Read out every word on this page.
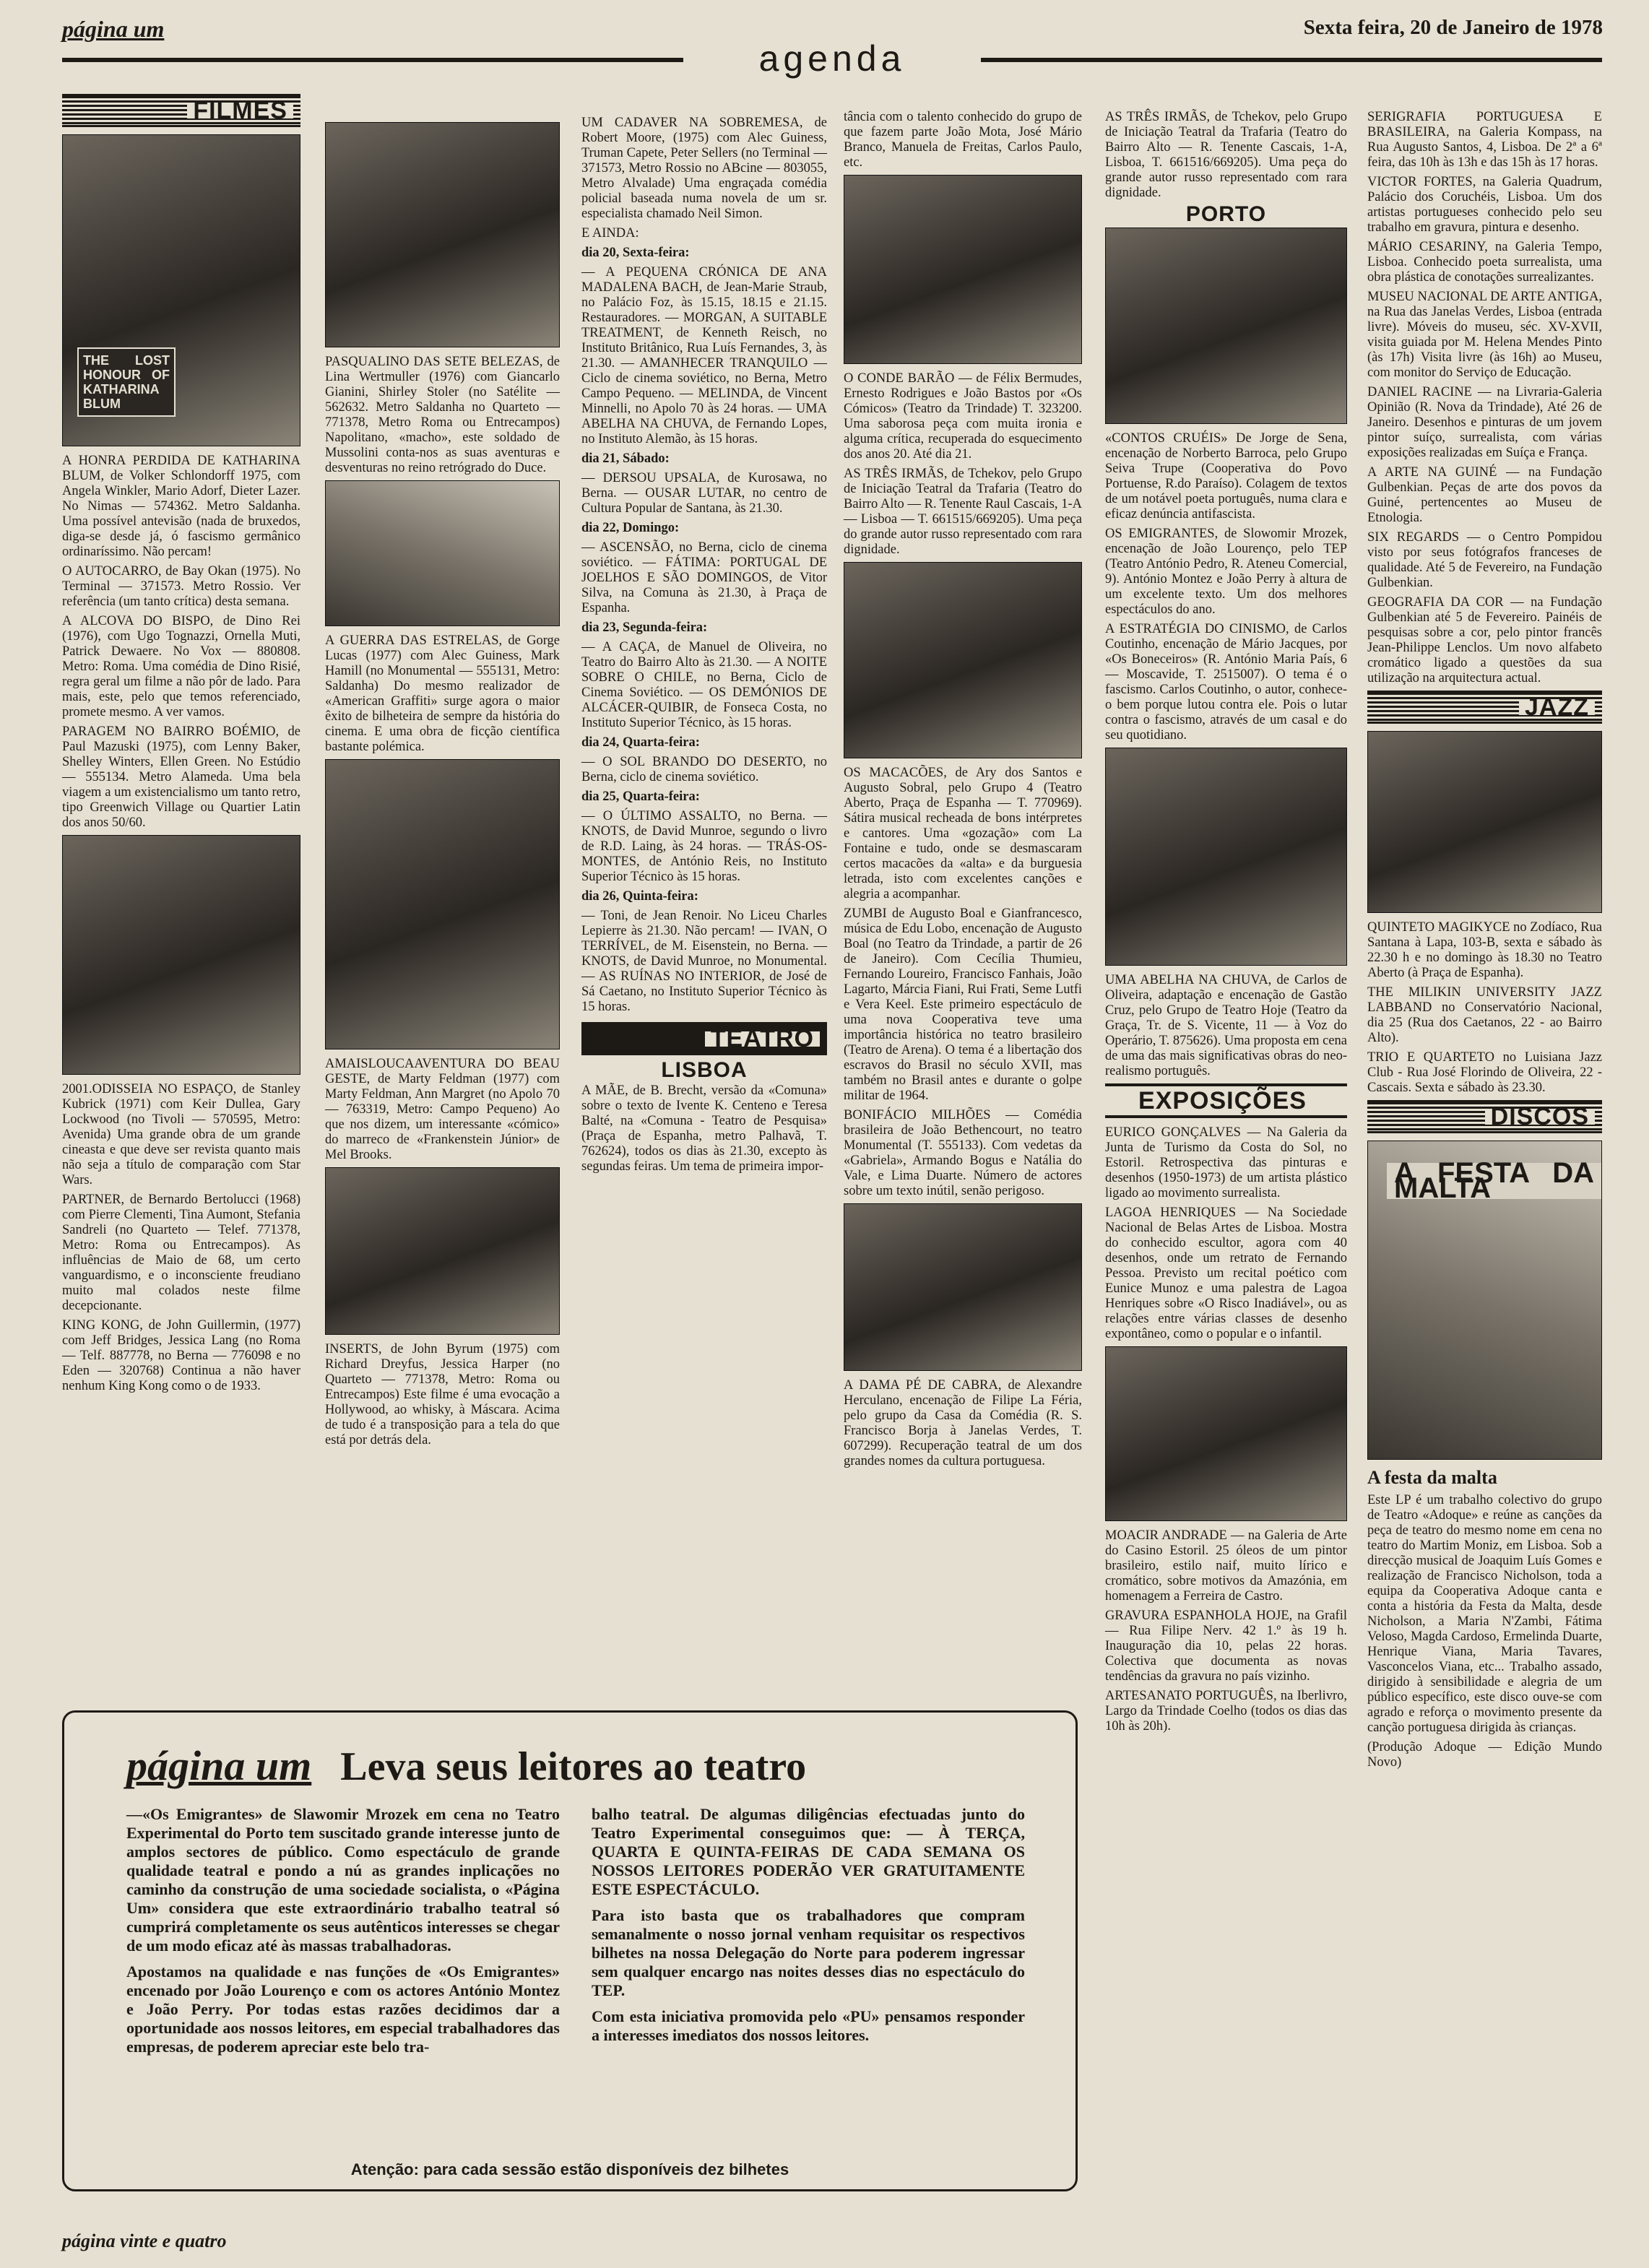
página um	Sexta feira, 20 de Janeiro de 1978
agenda
FILMES
THE LOST HONOUR OF KATHARINA BLUM

A HONRA PERDIDA DE KATHARINA BLUM, de Volker Schlondorff 1975, com Angela Winkler, Mario Adorf, Dieter Lazer. No Nimas — 574362. Metro Saldanha. Uma possível antevisão (nada de bruxedos, diga-se desde já, ó fascismo germânico ordinaríssimo. Não percam!

O AUTOCARRO, de Bay Okan (1975). No Terminal — 371573. Metro Rossio. Ver referência (um tanto crítica) desta semana.

A ALCOVA DO BISPO, de Dino Rei (1976), com Ugo Tognazzi, Ornella Muti, Patrick Dewaere. No Vox — 880808. Metro: Roma. Uma comédia de Dino Risié, regra geral um filme a não pôr de lado. Para mais, este, pelo que temos referenciado, promete mesmo. A ver vamos.

PARAGEM NO BAIRRO BOÉMIO, de Paul Mazuski (1975), com Lenny Baker, Shelley Winters, Ellen Green. No Estúdio — 555134. Metro Alameda. Uma bela viagem a um existencialismo um tanto retro, tipo Greenwich Village ou Quartier Latin dos anos 50/60.

2001.ODISSEIA NO ESPAÇO, de Stanley Kubrick (1971) com Keir Dullea, Gary Lockwood (no Tivoli — 570595, Metro: Avenida) Uma grande obra de um grande cineasta e que deve ser revista quanto mais não seja a título de comparação com Star Wars.

PARTNER, de Bernardo Bertolucci (1968) com Pierre Clementi, Tina Aumont, Stefania Sandreli (no Quarteto — Telef. 771378, Metro: Roma ou Entrecampos). As influências de Maio de 68, um certo vanguardismo, e o inconsciente freudiano muito mal colados neste filme decepcionante.

KING KONG, de John Guillermin, (1977) com Jeff Bridges, Jessica Lang (no Roma — Telf. 887778, no Berna — 776098 e no Eden — 320768) Continua a não haver nenhum King Kong como o de 1933.

PASQUALINO DAS SETE BELEZAS, de Lina Wertmuller (1976) com Giancarlo Gianini, Shirley Stoler (no Satélite — 562632. Metro Saldanha no Quarteto — 771378, Metro Roma ou Entrecampos) Napolitano, «macho», este soldado de Mussolini conta-nos as suas aventuras e desventuras no reino retrógrado do Duce.

A GUERRA DAS ESTRELAS, de Gorge Lucas (1977) com Alec Guiness, Mark Hamill (no Monumental — 555131, Metro: Saldanha) Do mesmo realizador de «American Graffiti» surge agora o maior êxito de bilheteira de sempre da história do cinema. E uma obra de ficção científica bastante polémica.

AMAISLOUCAAVENTURA DO BEAU GESTE, de Marty Feldman (1977) com Marty Feldman, Ann Margret (no Apolo 70 — 763319, Metro: Campo Pequeno) Ao que nos dizem, um interessante «cómico» do marreco de «Frankenstein Júnior» de Mel Brooks.

INSERTS, de John Byrum (1975) com Richard Dreyfus, Jessica Harper (no Quarteto — 771378, Metro: Roma ou Entrecampos) Este filme é uma evocação a Hollywood, ao whisky, à Máscara. Acima de tudo é a transposição para a tela do que está por detrás dela.

UM CADAVER NA SOBREMESA, de Robert Moore, (1975) com Alec Guiness, Truman Capete, Peter Sellers (no Terminal — 371573, Metro Rossio no ABcine — 803055, Metro Alvalade) Uma engraçada comédia policial baseada numa novela de um sr. especialista chamado Neil Simon.

E AINDA:

dia 20, Sexta-feira:

— A PEQUENA CRÓNICA DE ANA MADALENA BACH, de Jean-Marie Straub, no Palácio Foz, às 15.15, 18.15 e 21.15. Restauradores. — MORGAN, A SUITABLE TREATMENT, de Kenneth Reisch, no Instituto Britânico, Rua Luís Fernandes, 3, às 21.30. — AMANHECER TRANQUILO — Ciclo de cinema soviético, no Berna, Metro Campo Pequeno. — MELINDA, de Vincent Minnelli, no Apolo 70 às 24 horas. — UMA ABELHA NA CHUVA, de Fernando Lopes, no Instituto Alemão, às 15 horas.

dia 21, Sábado:

— DERSOU UPSALA, de Kurosawa, no Berna. — OUSAR LUTAR, no centro de Cultura Popular de Santana, às 21.30.

dia 22, Domingo:

— ASCENSÃO, no Berna, ciclo de cinema soviético. — FÁTIMA: PORTUGAL DE JOELHOS E SÃO DOMINGOS, de Vitor Silva, na Comuna às 21.30, à Praça de Espanha.

dia 23, Segunda-feira:

— A CAÇA, de Manuel de Oliveira, no Teatro do Bairro Alto às 21.30. — A NOITE SOBRE O CHILE, no Berna, Ciclo de Cinema Soviético. — OS DEMÓNIOS DE ALCÁCER-QUIBIR, de Fonseca Costa, no Instituto Superior Técnico, às 15 horas.

dia 24, Quarta-feira:

— O SOL BRANDO DO DESERTO, no Berna, ciclo de cinema soviético.

dia 25, Quarta-feira:

— O ÚLTIMO ASSALTO, no Berna. — KNOTS, de David Munroe, segundo o livro de R.D. Laing, às 24 horas. — TRÁS-OS-MONTES, de António Reis, no Instituto Superior Técnico às 15 horas.

dia 26, Quinta-feira:

— Toni, de Jean Renoir. No Liceu Charles Lepierre às 21.30. Não percam! — IVAN, O TERRÍVEL, de M. Eisenstein, no Berna. — KNOTS, de David Munroe, no Monumental. — AS RUÍNAS NO INTERIOR, de José de Sá Caetano, no Instituto Superior Técnico às 15 horas.

TEATRO
LISBOA

A MÃE, de B. Brecht, versão da «Comuna» sobre o texto de Ivente K. Centeno e Teresa Balté, na «Comuna - Teatro de Pesquisa» (Praça de Espanha, metro Palhavã, T. 762624), todos os dias às 21.30, excepto às segundas feiras. Um tema de primeira impor-

tância com o talento conhecido do grupo de que fazem parte João Mota, José Mário Branco, Manuela de Freitas, Carlos Paulo, etc.

O CONDE BARÃO — de Félix Bermudes, Ernesto Rodrigues e João Bastos por «Os Cómicos» (Teatro da Trindade) T. 323200. Uma saborosa peça com muita ironia e alguma crítica, recuperada do esquecimento dos anos 20. Até dia 21.

AS TRÊS IRMÃS, de Tchekov, pelo Grupo de Iniciação Teatral da Trafaria (Teatro do Bairro Alto — R. Tenente Raul Cascais, 1-A — Lisboa — T. 661515/669205). Uma peça do grande autor russo representado com rara dignidade.

OS MACACÕES, de Ary dos Santos e Augusto Sobral, pelo Grupo 4 (Teatro Aberto, Praça de Espanha — T. 770969). Sátira musical recheada de bons intérpretes e cantores. Uma «gozação» com La Fontaine e tudo, onde se desmascaram certos macacões da «alta» e da burguesia letrada, isto com excelentes canções e alegria a acompanhar.

ZUMBI de Augusto Boal e Gianfrancesco, música de Edu Lobo, encenação de Augusto Boal (no Teatro da Trindade, a partir de 26 de Janeiro). Com Cecília Thumieu, Fernando Loureiro, Francisco Fanhais, João Lagarto, Márcia Fiani, Rui Frati, Seme Lutfi e Vera Keel. Este primeiro espectáculo de uma nova Cooperativa teve uma importância histórica no teatro brasileiro (Teatro de Arena). O tema é a libertação dos escravos do Brasil no século XVII, mas também no Brasil antes e durante o golpe militar de 1964.

BONIFÁCIO MILHÕES — Comédia brasileira de João Bethencourt, no teatro Monumental (T. 555133). Com vedetas da «Gabriela», Armando Bogus e Natália do Vale, e Lima Duarte. Número de actores sobre um texto inútil, senão perigoso.

A DAMA PÉ DE CABRA, de Alexandre Herculano, encenação de Filipe La Féria, pelo grupo da Casa da Comédia (R. S. Francisco Borja à Janelas Verdes, T. 607299). Recuperação teatral de um dos grandes nomes da cultura portuguesa.

AS TRÊS IRMÃS, de Tchekov, pelo Grupo de Iniciação Teatral da Trafaria (Teatro do Bairro Alto — R. Tenente Cascais, 1-A, Lisboa, T. 661516/669205). Uma peça do grande autor russo representado com rara dignidade.

PORTO

«CONTOS CRUÉIS» De Jorge de Sena, encenação de Norberto Barroca, pelo Grupo Seiva Trupe (Cooperativa do Povo Portuense, R.do Paraíso). Colagem de textos de um notável poeta português, numa clara e eficaz denúncia antifascista.

OS EMIGRANTES, de Slowomir Mrozek, encenação de João Lourenço, pelo TEP (Teatro António Pedro, R. Ateneu Comercial, 9). António Montez e João Perry à altura de um excelente texto. Um dos melhores espectáculos do ano.

A ESTRATÉGIA DO CINISMO, de Carlos Coutinho, encenação de Mário Jacques, por «Os Boneceiros» (R. António Maria País, 6 — Moscavide, T. 2515007). O tema é o fascismo. Carlos Coutinho, o autor, conhece-o bem porque lutou contra ele. Pois o lutar contra o fascismo, através de um casal e do seu quotidiano.

UMA ABELHA NA CHUVA, de Carlos de Oliveira, adaptação e encenação de Gastão Cruz, pelo Grupo de Teatro Hoje (Teatro da Graça, Tr. de S. Vicente, 11 — à Voz do Operário, T. 875626). Uma proposta em cena de uma das mais significativas obras do neo-realismo português.

EXPOSIÇÕES

EURICO GONÇALVES — Na Galeria da Junta de Turismo da Costa do Sol, no Estoril. Retrospectiva das pinturas e desenhos (1950-1973) de um artista plástico ligado ao movimento surrealista.

LAGOA HENRIQUES — Na Sociedade Nacional de Belas Artes de Lisboa. Mostra do conhecido escultor, agora com 40 desenhos, onde um retrato de Fernando Pessoa. Previsto um recital poético com Eunice Munoz e uma palestra de Lagoa Henriques sobre «O Risco Inadiável», ou as relações entre várias classes de desenho expontâneo, como o popular e o infantil.

MOACIR ANDRADE — na Galeria de Arte do Casino Estoril. 25 óleos de um pintor brasileiro, estilo naif, muito lírico e cromático, sobre motivos da Amazónia, em homenagem a Ferreira de Castro.

GRAVURA ESPANHOLA HOJE, na Grafil — Rua Filipe Nerv. 42 1.º às 19 h. Inauguração dia 10, pelas 22 horas. Colectiva que documenta as novas tendências da gravura no país vizinho.

ARTESANATO PORTUGUÊS, na Iberlivro, Largo da Trindade Coelho (todos os dias das 10h às 20h).

SERIGRAFIA PORTUGUESA E BRASILEIRA, na Galeria Kompass, na Rua Augusto Santos, 4, Lisboa. De 2ª a 6ª feira, das 10h às 13h e das 15h às 17 horas.

VICTOR FORTES, na Galeria Quadrum, Palácio dos Coruchéis, Lisboa. Um dos artistas portugueses conhecido pelo seu trabalho em gravura, pintura e desenho.

MÁRIO CESARINY, na Galeria Tempo, Lisboa. Conhecido poeta surrealista, uma obra plástica de conotações surrealizantes.

MUSEU NACIONAL DE ARTE ANTIGA, na Rua das Janelas Verdes, Lisboa (entrada livre). Móveis do museu, séc. XV-XVII, visita guiada por M. Helena Mendes Pinto (às 17h) Visita livre (às 16h) ao Museu, com monitor do Serviço de Educação.

DANIEL RACINE — na Livraria-Galeria Opinião (R. Nova da Trindade), Até 26 de Janeiro. Desenhos e pinturas de um jovem pintor suíço, surrealista, com várias exposições realizadas em Suíça e França.

A ARTE NA GUINÉ — na Fundação Gulbenkian. Peças de arte dos povos da Guiné, pertencentes ao Museu de Etnologia.

SIX REGARDS — o Centro Pompidou visto por seus fotógrafos franceses de qualidade. Até 5 de Fevereiro, na Fundação Gulbenkian.

GEOGRAFIA DA COR — na Fundação Gulbenkian até 5 de Fevereiro. Painéis de pesquisas sobre a cor, pelo pintor francês Jean-Philippe Lenclos. Um novo alfabeto cromático ligado a questões da sua utilização na arquitectura actual.

JAZZ

QUINTETO MAGIKYCE no Zodíaco, Rua Santana à Lapa, 103-B, sexta e sábado às 22.30 h e no domingo às 18.30 no Teatro Aberto (à Praça de Espanha).

THE MILIKIN UNIVERSITY JAZZ LABBAND no Conservatório Nacional, dia 25 (Rua dos Caetanos, 22 - ao Bairro Alto).

TRIO E QUARTETO no Luisiana Jazz Club - Rua José Florindo de Oliveira, 22 - Cascais. Sexta e sábado às 23.30.

DISCOS
A FESTA DA MALTA

A festa da malta

Este LP é um trabalho colectivo do grupo de Teatro «Adoque» e reúne as canções da peça de teatro do mesmo nome em cena no teatro do Martim Moniz, em Lisboa. Sob a direcção musical de Joaquim Luís Gomes e realização de Francisco Nicholson, toda a equipa da Cooperativa Adoque canta e conta a história da Festa da Malta, desde Nicholson, a Maria N'Zambi, Fátima Veloso, Magda Cardoso, Ermelinda Duarte, Henrique Viana, Maria Tavares, Vasconcelos Viana, etc... Trabalho assado, dirigido à sensibilidade e alegria de um público específico, este disco ouve-se com agrado e reforça o movimento presente da canção portuguesa dirigida às crianças.

(Produção Adoque — Edição Mundo Novo)

página um Leva seus leitores ao teatro

—«Os Emigrantes» de Slawomir Mrozek em cena no Teatro Experimental do Porto tem suscitado grande interesse junto de amplos sectores de público. Como espectáculo de grande qualidade teatral e pondo a nú as grandes inplicações no caminho da construção de uma sociedade socialista, o «Página Um» considera que este extraordinário trabalho teatral só cumprirá completamente os seus autênticos interesses se chegar de um modo eficaz até às massas trabalhadoras.

Apostamos na qualidade e nas funções de «Os Emigrantes» encenado por João Lourenço e com os actores António Montez e João Perry. Por todas estas razões decidimos dar a oportunidade aos nossos leitores, em especial trabalhadores das empresas, de poderem apreciar este belo tra-

balho teatral. De algumas diligências efectuadas junto do Teatro Experimental conseguimos que: — À TERÇA, QUARTA E QUINTA-FEIRAS DE CADA SEMANA OS NOSSOS LEITORES PODERÃO VER GRATUITAMENTE ESTE ESPECTÁCULO.

Para isto basta que os trabalhadores que compram semanalmente o nosso jornal venham requisitar os respectivos bilhetes na nossa Delegação do Norte para poderem ingressar sem qualquer encargo nas noites desses dias no espectáculo do TEP.

Com esta iniciativa promovida pelo «PU» pensamos responder a interesses imediatos dos nossos leitores.

Atenção: para cada sessão estão disponíveis dez bilhetes
página vinte e quatro
